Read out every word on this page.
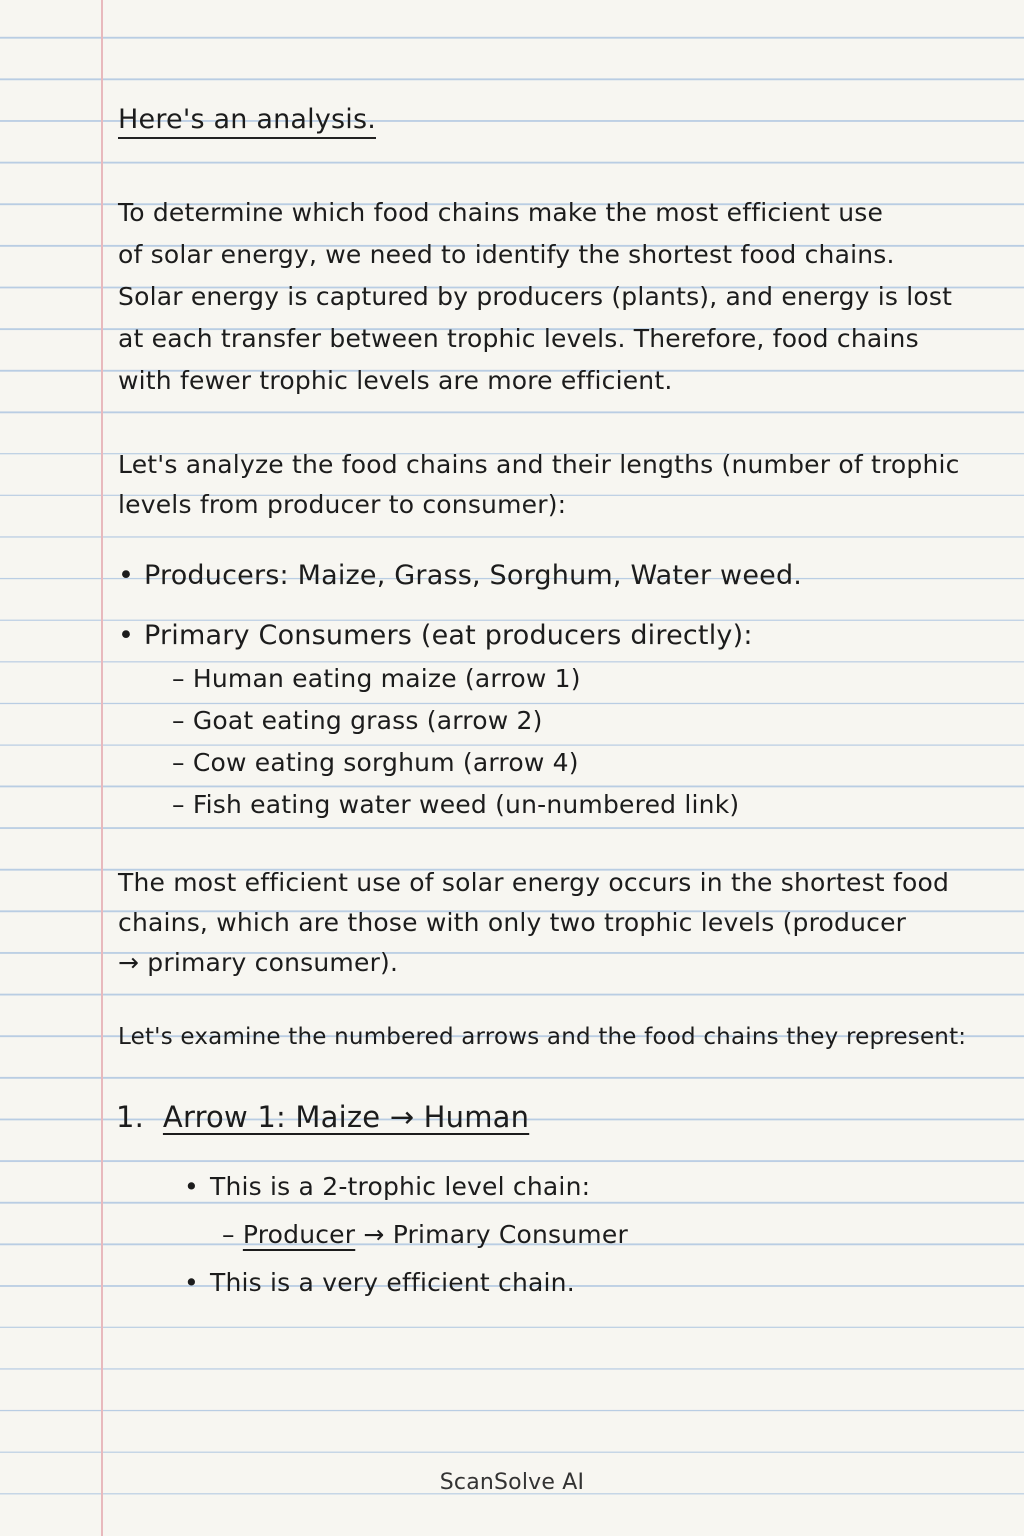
Here's an analysis.
To determine which food chains make the most efficient use
of solar energy, we need to identify the shortest food chains.
Solar energy is captured by producers (plants), and energy is lost
at each transfer between trophic levels. Therefore, food chains
with fewer trophic levels are more efficient.
Let's analyze the food chains and their lengths (number of trophic
levels from producer to consumer):
• Producers: Maize, Grass, Sorghum, Water weed.
• Primary Consumers (eat producers directly):
– Human eating maize (arrow 1)
– Goat eating grass (arrow 2)
– Cow eating sorghum (arrow 4)
– Fish eating water weed (un-numbered link)
The most efficient use of solar energy occurs in the shortest food
chains, which are those with only two trophic levels (producer
→ primary consumer).
Let's examine the numbered arrows and the food chains they represent:
1. Arrow 1: Maize → Human
• This is a 2-trophic level chain:
– Producer → Primary Consumer
• This is a very efficient chain.
ScanSolve AI
